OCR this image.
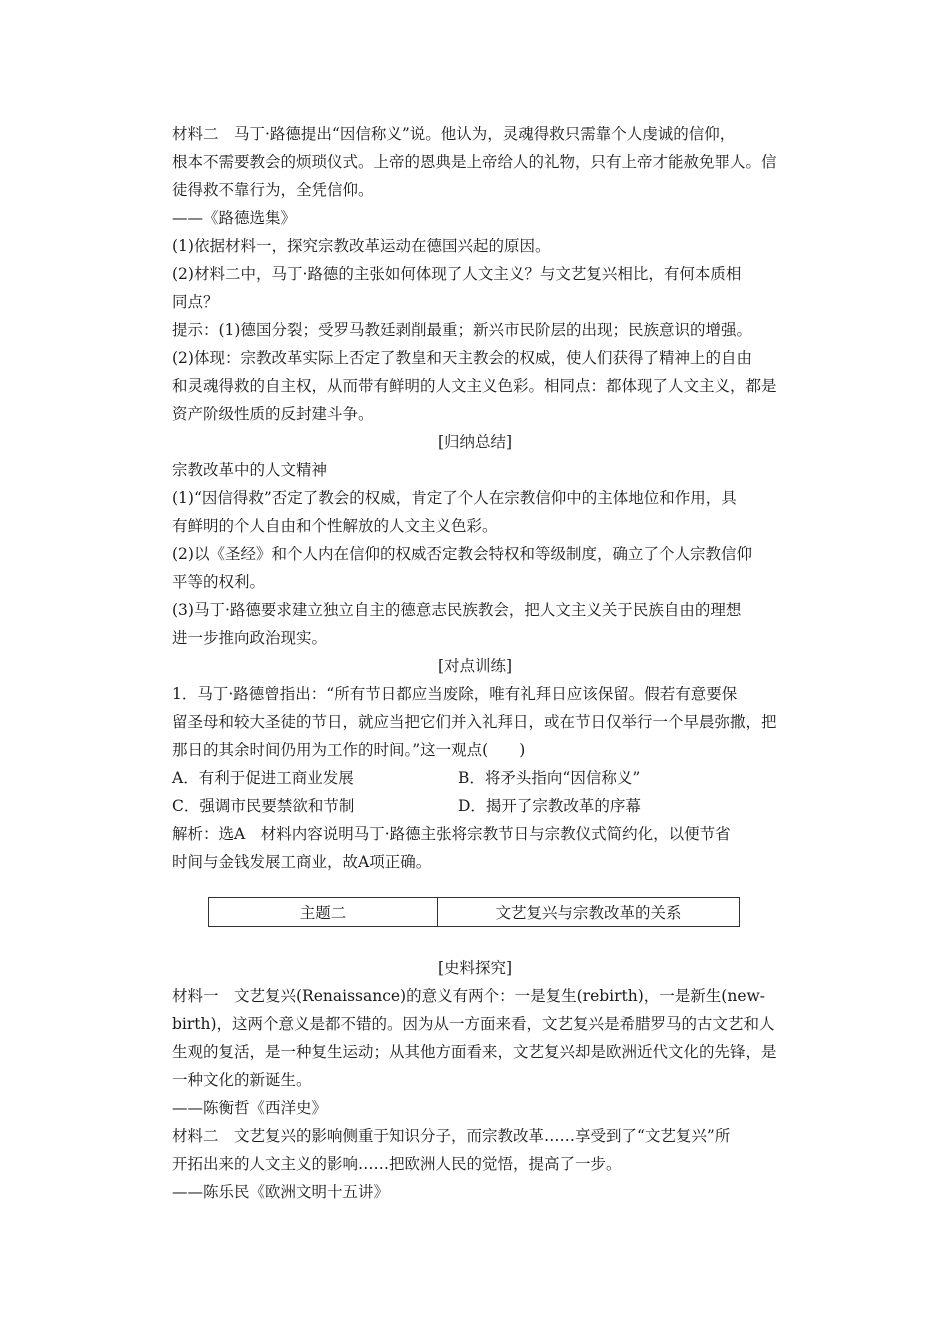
材料二　马丁·路德提出“因信称义”说。他认为，灵魂得救只需靠个人虔诚的信仰，
根本不需要教会的烦琐仪式。上帝的恩典是上帝给人的礼物，只有上帝才能赦免罪人。信
徒得救不靠行为，全凭信仰。
——《路德选集》
(1)依据材料一，探究宗教改革运动在德国兴起的原因。
(2)材料二中，马丁·路德的主张如何体现了人文主义？与文艺复兴相比，有何本质相
同点？
提示：(1)德国分裂；受罗马教廷剥削最重；新兴市民阶层的出现；民族意识的增强。
(2)体现：宗教改革实际上否定了教皇和天主教会的权威，使人们获得了精神上的自由
和灵魂得救的自主权，从而带有鲜明的人文主义色彩。相同点：都体现了人文主义，都是
资产阶级性质的反封建斗争。
[归纳总结]
宗教改革中的人文精神
(1)“因信得救”否定了教会的权威，肯定了个人在宗教信仰中的主体地位和作用，具
有鲜明的个人自由和个性解放的人文主义色彩。
(2)以《圣经》和个人内在信仰的权威否定教会特权和等级制度，确立了个人宗教信仰
平等的权利。
(3)马丁·路德要求建立独立自主的德意志民族教会，把人文主义关于民族自由的理想
进一步推向政治现实。
[对点训练]
1．马丁·路德曾指出：“所有节日都应当废除，唯有礼拜日应该保留。假若有意要保
留圣母和较大圣徒的节日，就应当把它们并入礼拜日，或在节日仅举行一个早晨弥撒，把
那日的其余时间仍用为工作的时间。”这一观点(　　)
A．有利于促进工商业发展	B．将矛头指向“因信称义”
C．强调市民要禁欲和节制	D．揭开了宗教改革的序幕
解析：选A　材料内容说明马丁·路德主张将宗教节日与宗教仪式简约化，以便节省
时间与金钱发展工商业，故A项正确。
主题二	文艺复兴与宗教改革的关系
[史料探究]
材料一　文艺复兴(Renaissance)的意义有两个：一是复生(rebirth)，一是新生(new-
birth)，这两个意义是都不错的。因为从一方面来看，文艺复兴是希腊罗马的古文艺和人
生观的复活，是一种复生运动；从其他方面看来，文艺复兴却是欧洲近代文化的先锋，是
一种文化的新诞生。
——陈衡哲《西洋史》
材料二　文艺复兴的影响侧重于知识分子，而宗教改革……享受到了“文艺复兴”所
开拓出来的人文主义的影响……把欧洲人民的觉悟，提高了一步。
——陈乐民《欧洲文明十五讲》
